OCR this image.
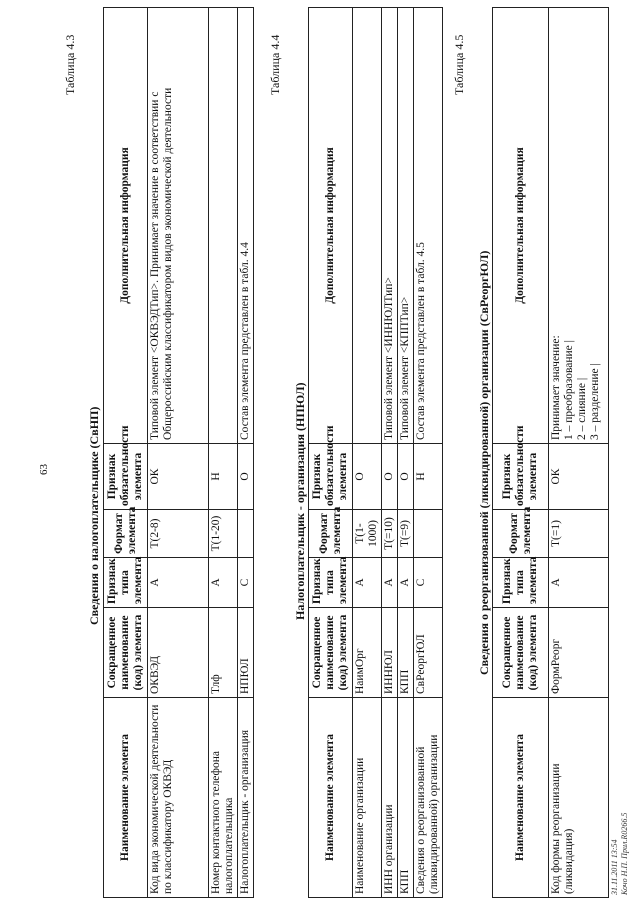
63
Таблица 4.3
Сведения о налогоплательщике (СвНП)
Наименование элемента	Сокращенное наименование (код) элемента	Признак типа элемента	Формат элемента	Признак обязательности элемента	Дополнительная информация
Код вида экономической деятельности по классификатору ОКВЭД	ОКВЭД	А	T(2-8)	ОК	Типовой элемент <ОКВЭДТип>. Принимает значение в соответствии с Общероссийским классификатором видов экономической деятельности
Номер контактного телефона налогоплательщика	Тлф	А	T(1-20)	Н	
Налогоплательщик - организация	НПЮЛ	С		О	Состав элемента представлен в табл. 4.4
Таблица 4.4
Налогоплательщик - организация (НПЮЛ)
Наименование элемента	Сокращенное наименование (код) элемента	Признак типа элемента	Формат элемента	Признак обязательности элемента	Дополнительная информация
Наименование организации	НаимОрг	А	T(1-1000)	О	
ИНН организации	ИННЮЛ	А	T(=10)	О	Типовой элемент <ИННЮЛТип>
КПП	КПП	А	T(=9)	О	Типовой элемент <КППТип>
Сведения о реорганизованной (ликвидированной) организации	СвРеоргЮЛ	С		Н	Состав элемента представлен в табл. 4.5
Таблица 4.5
Сведения о реорганизованной (ликвидированной) организации (СвРеоргЮЛ)
Наименование элемента	Сокращенное наименование (код) элемента	Признак типа элемента	Формат элемента	Признак обязательности элемента	Дополнительная информация
Код формы реорганизации (ликвидация)	ФормРеорг	А	T(=1)	ОК	Принимает значение: 1 – преобразование | 2 – слияние | 3 – разделение |
31.11.2011 13:54 Кочо Н.П. Прил.R0266.5
